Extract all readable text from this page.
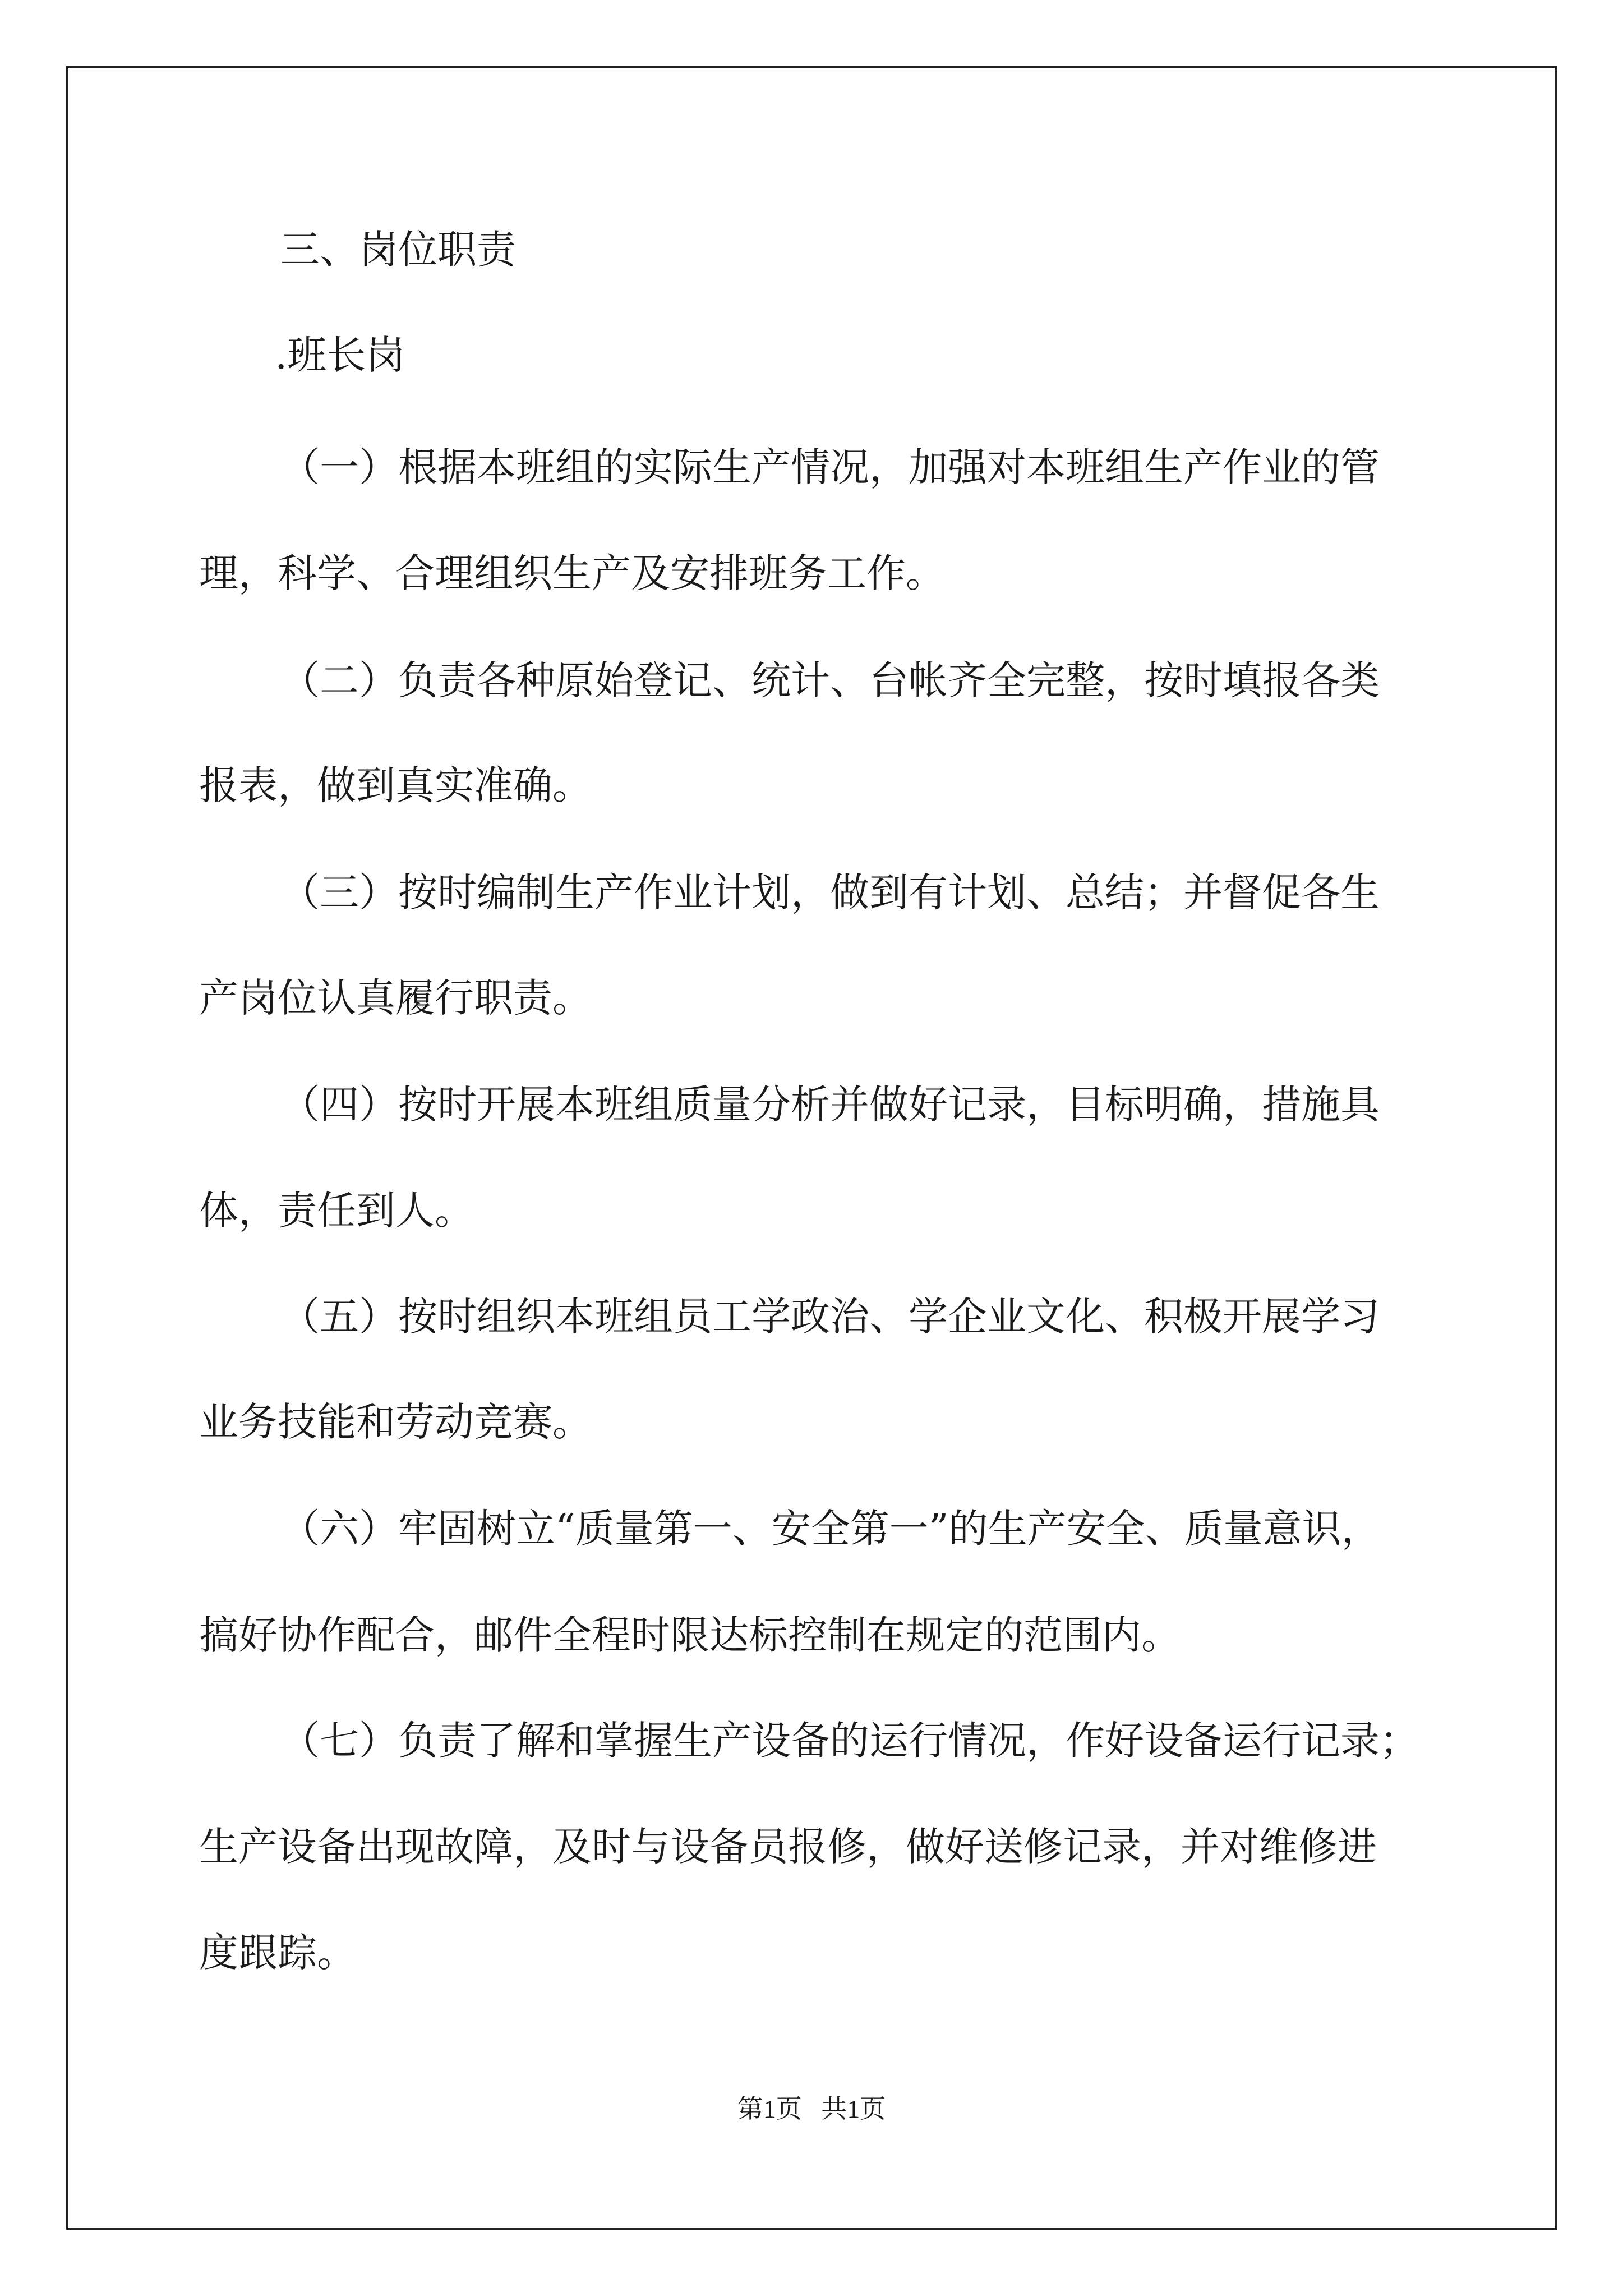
三、岗位职责

.班长岗

（一）根据本班组的实际生产情况，加强对本班组生产作业的管

理，科学、合理组织生产及安排班务工作。

（二）负责各种原始登记、统计、台帐齐全完整，按时填报各类

报表，做到真实准确。

（三）按时编制生产作业计划，做到有计划、总结；并督促各生

产岗位认真履行职责。

（四）按时开展本班组质量分析并做好记录，目标明确，措施具

体，责任到人。

（五）按时组织本班组员工学政治、学企业文化、积极开展学习

业务技能和劳动竞赛。

（六）牢固树立“质量第一、安全第一”的生产安全、质量意识，

搞好协作配合，邮件全程时限达标控制在规定的范围内。

（七）负责了解和掌握生产设备的运行情况，作好设备运行记录；

生产设备出现故障，及时与设备员报修，做好送修记录，并对维修进

度跟踪。

第1页   共1页
